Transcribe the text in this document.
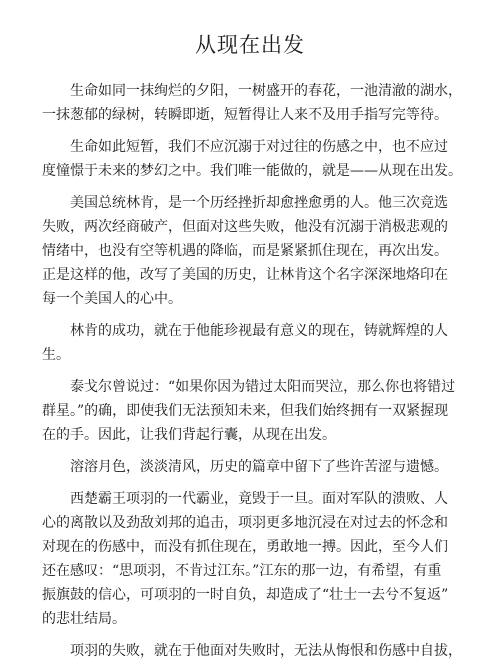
从现在出发
生命如同一抹绚烂的夕阳，一树盛开的春花，一池清澈的湖水，
一抹葱郁的绿树，转瞬即逝，短暂得让人来不及用手指写完等待。
生命如此短暂，我们不应沉溺于对过往的伤感之中，也不应过
度憧憬于未来的梦幻之中。我们唯一能做的，就是——从现在出发。
美国总统林肯，是一个历经挫折却愈挫愈勇的人。他三次竞选
失败，两次经商破产，但面对这些失败，他没有沉溺于消极悲观的
情绪中，也没有空等机遇的降临，而是紧紧抓住现在，再次出发。
正是这样的他，改写了美国的历史，让林肯这个名字深深地烙印在
每一个美国人的心中。
林肯的成功，就在于他能珍视最有意义的现在，铸就辉煌的人
生。
泰戈尔曾说过：“如果你因为错过太阳而哭泣，那么你也将错过
群星。”的确，即使我们无法预知未来，但我们始终拥有一双紧握现
在的手。因此，让我们背起行囊，从现在出发。
溶溶月色，淡淡清风，历史的篇章中留下了些许苦涩与遗憾。
西楚霸王项羽的一代霸业，竟毁于一旦。面对军队的溃败、人
心的离散以及劲敌刘邦的追击，项羽更多地沉浸在对过去的怀念和
对现在的伤感中，而没有抓住现在，勇敢地一搏。因此，至今人们
还在感叹：“思项羽，不肯过江东。”江东的那一边，有希望，有重
振旗鼓的信心，可项羽的一时自负，却造成了“壮士一去兮不复返”
的悲壮结局。
项羽的失败，就在于他面对失败时，无法从悔恨和伤感中自拔，
